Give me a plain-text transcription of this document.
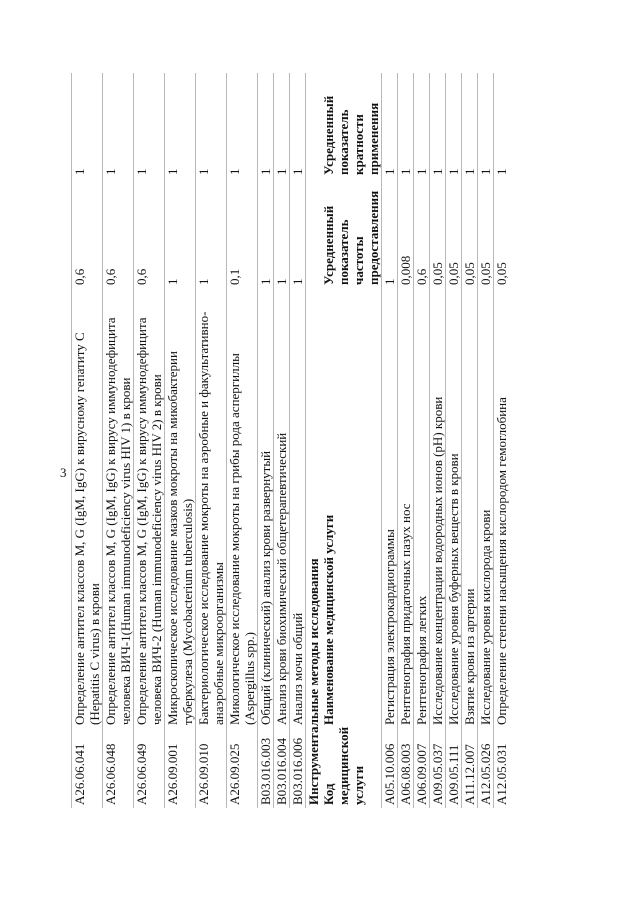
3
A26.06.041	Определение антител классов M, G (IgM, IgG) к вирусному гепатиту C (Hepatitis C virus) в крови	0,6	1
A26.06.048	Определение антител классов M, G (IgM, IgG) к вирусу иммунодефицита человека ВИЧ-1(Human immunodeficiency virus HIV 1) в крови	0,6	1
A26.06.049	Определение антител классов M, G (IgM, IgG) к вирусу иммунодефицита человека ВИЧ-2 (Human immunodeficiency virus HIV 2) в крови	0,6	1
A26.09.001	Микроскопическое исследование мазков мокроты на микобактерии туберкулеза (Mycobacterium tuberculosis)	1	1
A26.09.010	Бактериологическое исследование мокроты на аэробные и факультативно-анаэробные микроорганизмы	1	1
A26.09.025	Микологическое исследование мокроты на грибы рода аспергиллы (Aspergillus spp.)	0,1	1
B03.016.003	Общий (клинический) анализ крови развернутый	1	1
B03.016.004	Анализ крови биохимический общетерапевтический	1	1
B03.016.006	Анализ мочи общий	1	1
Инструментальные методы исследования			
Код медицинской услуги	Наименование медицинской услуги	Усредненный показатель частоты предоставления	Усредненный показатель кратности применения
A05.10.006	Регистрация электрокардиограммы	1	1
A06.08.003	Рентгенография придаточных пазух нос	0,008	1
A06.09.007	Рентгенография легких	0,6	1
A09.05.037	Исследование концентрации водородных ионов (pH) крови	0,05	1
A09.05.111	Исследование уровня буферных веществ в крови	0,05	1
A11.12.007	Взятие крови из артерии	0,05	1
A12.05.026	Исследование уровня кислорода крови	0,05	1
A12.05.031	Определение степени насыщения кислородом гемоглобина	0,05	1
